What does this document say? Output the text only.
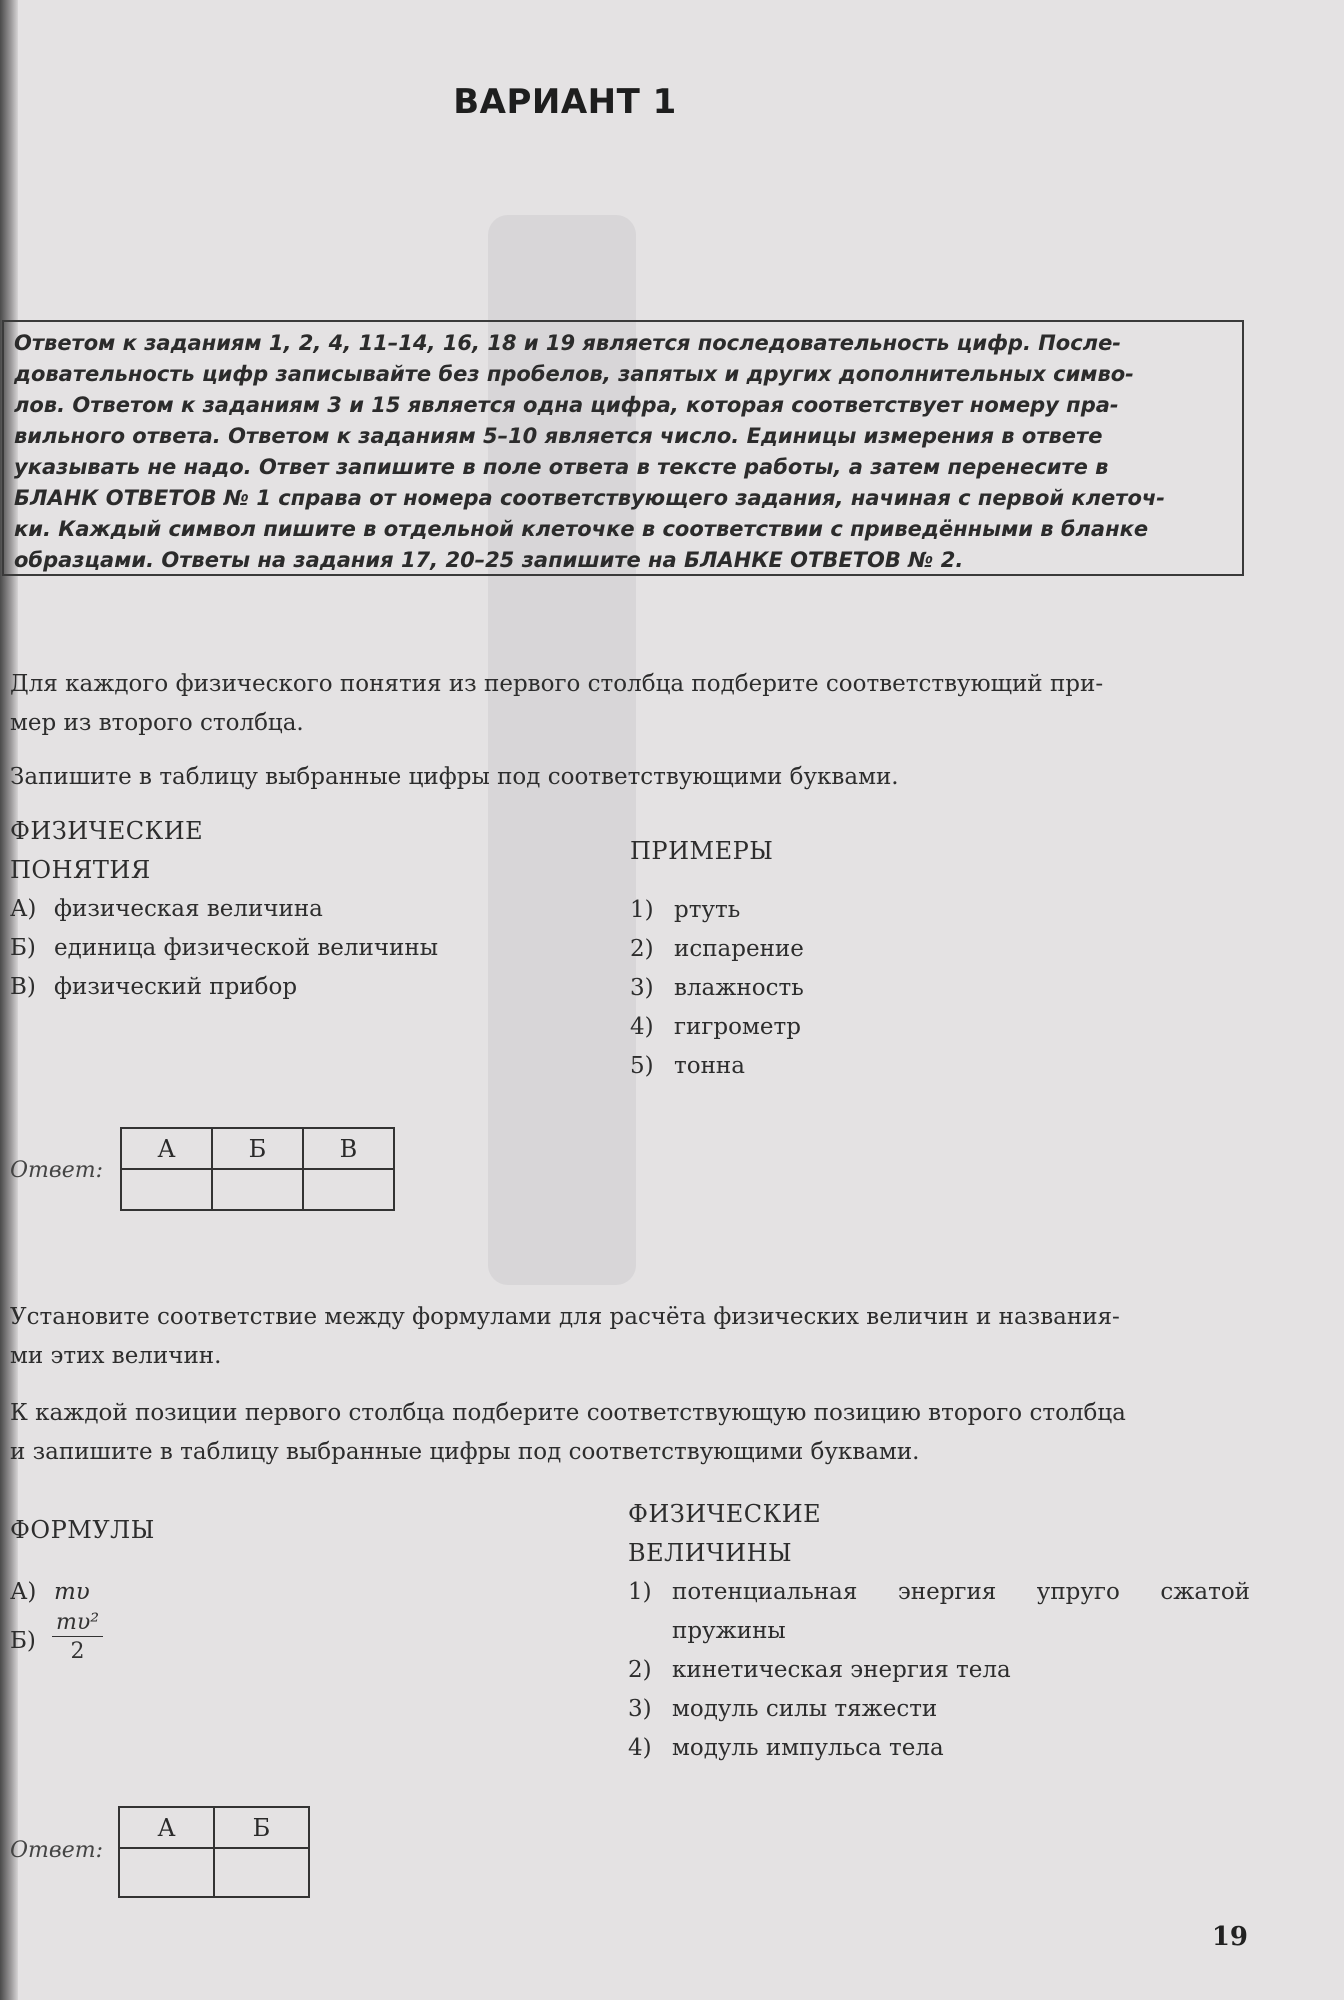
ВАРИАНТ 1
Ответом к заданиям 1, 2, 4, 11–14, 16, 18 и 19 является последовательность цифр. После-
довательность цифр записывайте без пробелов, запятых и других дополнительных симво-
лов. Ответом к заданиям 3 и 15 является одна цифра, которая соответствует номеру пра-
вильного ответа. Ответом к заданиям 5–10 является число. Единицы измерения в ответе
указывать не надо. Ответ запишите в поле ответа в тексте работы, а затем перенесите в
БЛАНК ОТВЕТОВ № 1 справа от номера соответствующего задания, начиная с первой клеточ-
ки. Каждый символ пишите в отдельной клеточке в соответствии с приведёнными в бланке
образцами. Ответы на задания 17, 20–25 запишите на БЛАНКЕ ОТВЕТОВ № 2.
Для каждого физического понятия из первого столбца подберите соответствующий при-
мер из второго столбца.
Запишите в таблицу выбранные цифры под соответствующими буквами.
ФИЗИЧЕСКИЕ
ПОНЯТИЯ
ПРИМЕРЫ
А) физическая величина
Б) единица физической величины
В) физический прибор
1) ртуть
2) испарение
3) влажность
4) гигрометр
5) тонна
Ответ:
А	Б	В

Установите соответствие между формулами для расчёта физических величин и названия-
ми этих величин.
К каждой позиции первого столбца подберите соответствующую позицию второго столбца
и запишите в таблицу выбранные цифры под соответствующими буквами.
ФОРМУЛЫ
ФИЗИЧЕСКИЕ
ВЕЛИЧИНЫ
А) mυ
$Б) \frac{\text{mυ²}}{2}$
1) потенциальная энергия упруго сжатой
пружины
2) кинетическая энергия тела
3) модуль силы тяжести
4) модуль импульса тела
Ответ:
А	Б

19
